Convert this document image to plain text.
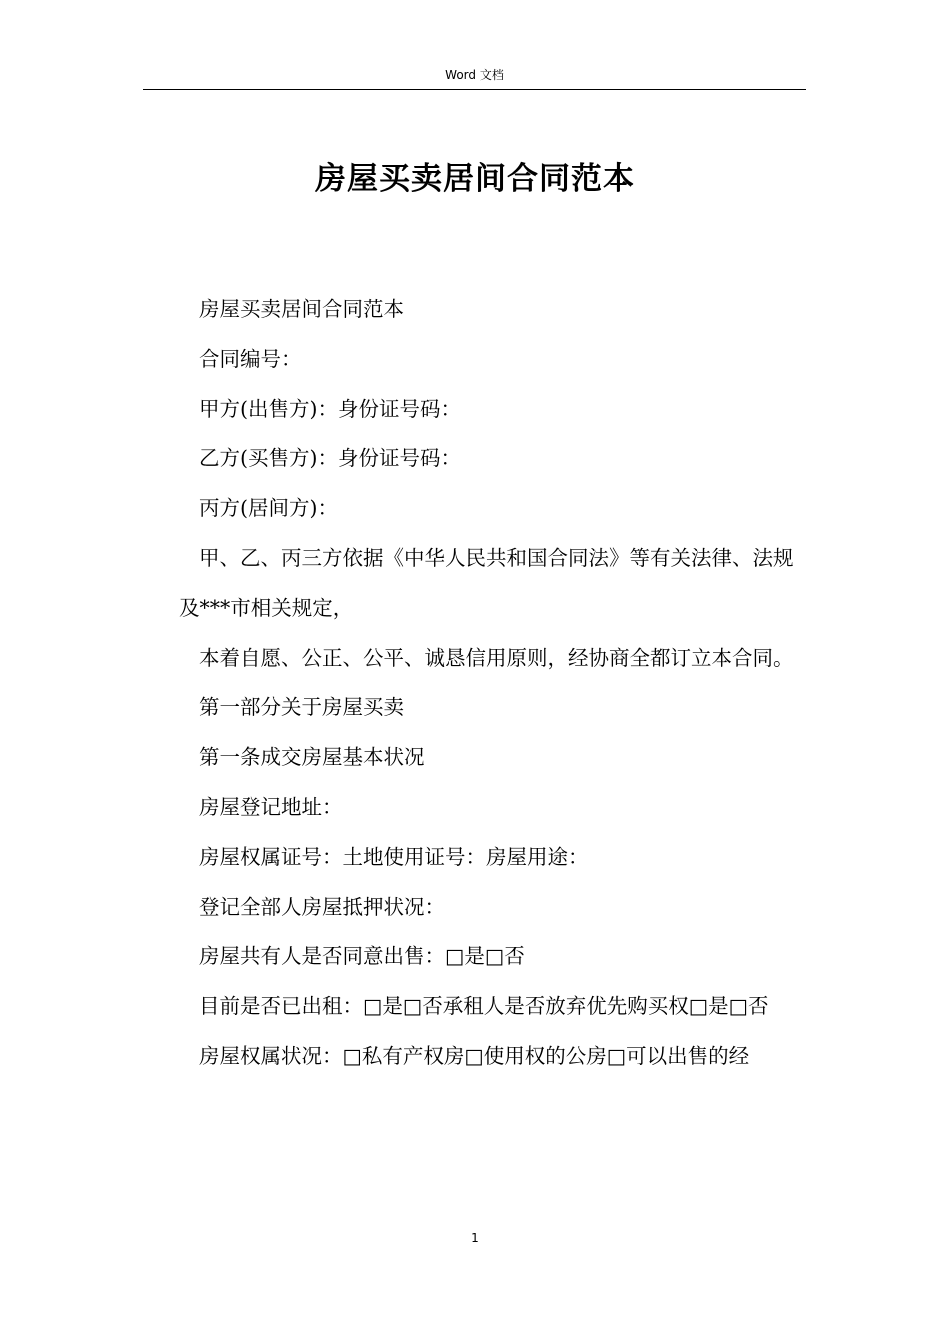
Word 文档
房屋买卖居间合同范本

房屋买卖居间合同范本

合同编号：

甲方(出售方)：身份证号码：

乙方(买售方)：身份证号码：

丙方(居间方)：

甲、乙、丙三方依据《中华人民共和国合同法》等有关法律、法规及***市相关规定，

本着自愿、公正、公平、诚恳信用原则，经协商全都订立本合同。

第一部分关于房屋买卖

第一条成交房屋基本状况

房屋登记地址：

房屋权属证号：土地使用证号：房屋用途：

登记全部人房屋抵押状况：

房屋共有人是否同意出售：□是□否

目前是否已出租：□是□否承租人是否放弃优先购买权□是□否

房屋权属状况：□私有产权房□使用权的公房□可以出售的经

1
